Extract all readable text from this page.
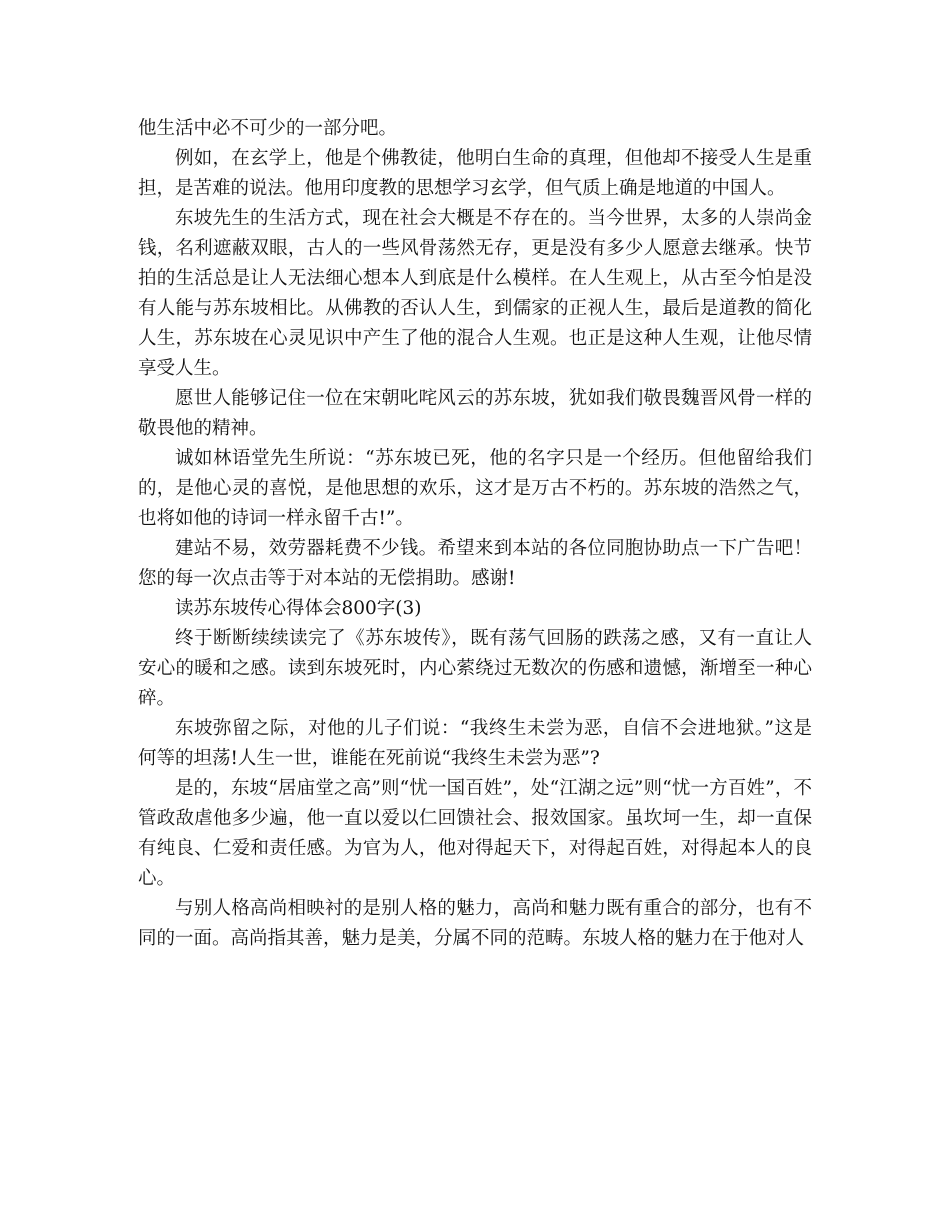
他生活中必不可少的一部分吧。

例如，在玄学上，他是个佛教徒，他明白生命的真理，但他却不接受人生是重担，是苦难的说法。他用印度教的思想学习玄学，但气质上确是地道的中国人。

东坡先生的生活方式，现在社会大概是不存在的。当今世界，太多的人崇尚金钱，名利遮蔽双眼，古人的一些风骨荡然无存，更是没有多少人愿意去继承。快节拍的生活总是让人无法细心想本人到底是什么模样。在人生观上，从古至今怕是没有人能与苏东坡相比。从佛教的否认人生，到儒家的正视人生，最后是道教的简化人生，苏东坡在心灵见识中产生了他的混合人生观。也正是这种人生观，让他尽情享受人生。

愿世人能够记住一位在宋朝叱咤风云的苏东坡，犹如我们敬畏魏晋风骨一样的敬畏他的精神。

诚如林语堂先生所说：“苏东坡已死，他的名字只是一个经历。但他留给我们的，是他心灵的喜悦，是他思想的欢乐，这才是万古不朽的。苏东坡的浩然之气，也将如他的诗词一样永留千古!”。

建站不易，效劳器耗费不少钱。希望来到本站的各位同胞协助点一下广告吧！您的每一次点击等于对本站的无偿捐助。感谢!

读苏东坡传心得体会800字(3)

终于断断续续读完了《苏东坡传》，既有荡气回肠的跌荡之感，又有一直让人安心的暖和之感。读到东坡死时，内心萦绕过无数次的伤感和遗憾，渐增至一种心碎。

东坡弥留之际，对他的儿子们说：“我终生未尝为恶，自信不会进地狱。”这是何等的坦荡!人生一世，谁能在死前说“我终生未尝为恶”?

是的，东坡“居庙堂之高”则“忧一国百姓”，处“江湖之远”则“忧一方百姓”，不管政敌虐他多少遍，他一直以爱以仁回馈社会、报效国家。虽坎坷一生，却一直保有纯良、仁爱和责任感。为官为人，他对得起天下，对得起百姓，对得起本人的良心。

与别人格高尚相映衬的是别人格的魅力，高尚和魅力既有重合的部分，也有不同的一面。高尚指其善，魅力是美，分属不同的范畴。东坡人格的魅力在于他对人
